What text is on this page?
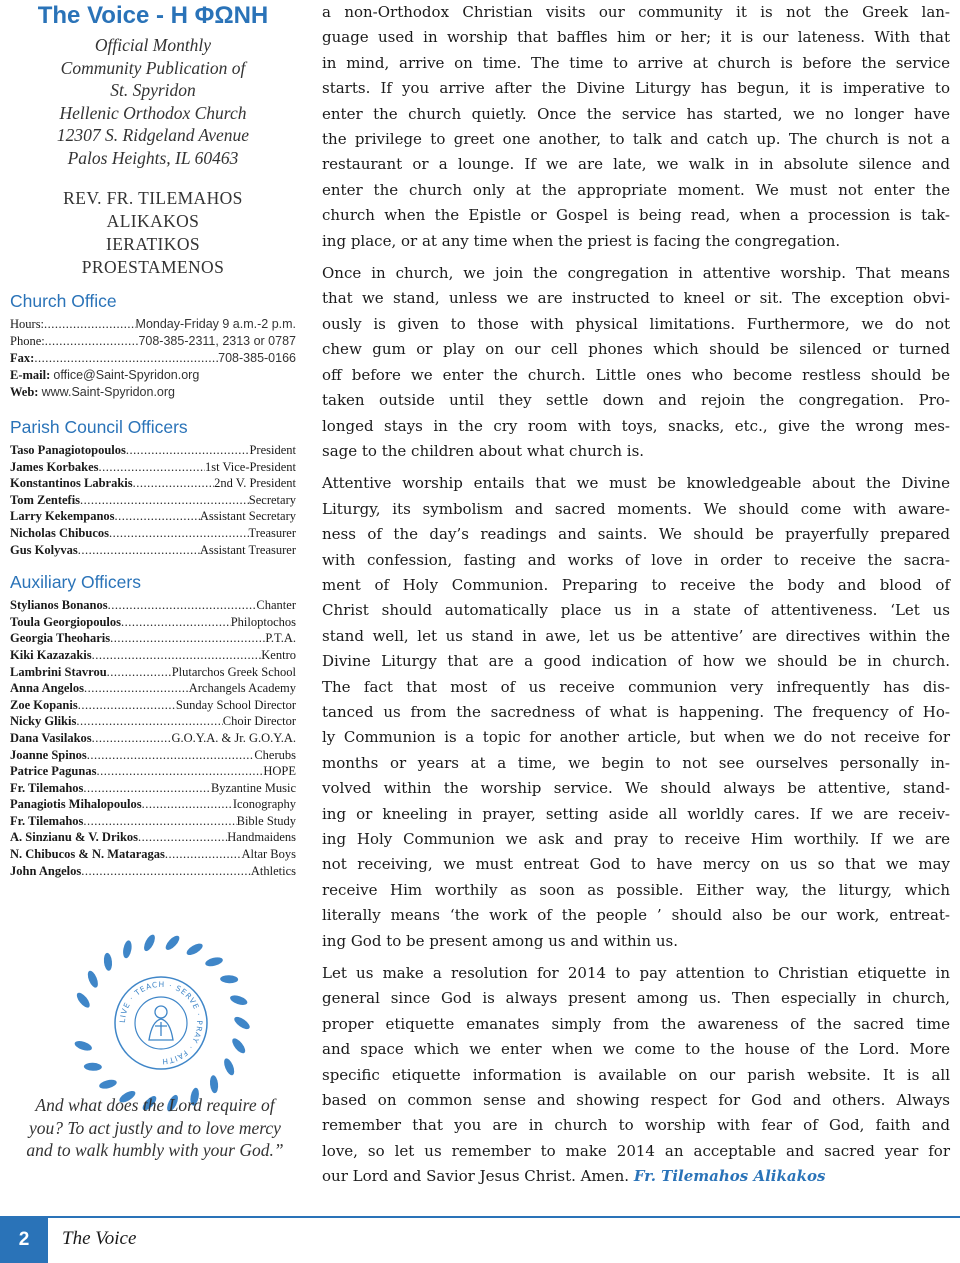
The Voice - Η ΦΩΝΗ
Official Monthly
Community Publication of
St. Spyridon
Hellenic Orthodox Church
12307 S. Ridgeland Avenue
Palos Heights, IL 60463
REV. FR. TILEMAHOS
ALIKAKOS
IERATIKOS
PROESTAMENOS
Church Office
Hours: .....	Monday-Friday 9 a.m.-2 p.m.
Phone: .....	708-385-2311, 2313 or 0787
Fax: .....	708-385-0166
E-mail:
office@Saint-Spyridon.org
Web:
www.Saint-Spyridon.org
Parish Council Officers
Taso Panagiotopoulos .....	President
James Korbakes .....	1st Vice-President
Konstantinos Labrakis .....	2nd V. President
Tom Zentefis .....	Secretary
Larry Kekempanos .....	Assistant Secretary
Nicholas Chibucos .....	Treasurer
Gus Kolyvas .....	Assistant Treasurer
Auxiliary Officers
Stylianos Bonanos .....	Chanter
Toula Georgiopoulos .....	Philoptochos
Georgia Theoharis .....	P.T.A.
Kiki Kazazakis .....	Kentro
Lambrini Stavrou .....	Plutarchos Greek School
Anna Angelos .....	Archangels Academy
Zoe Kopanis .....	Sunday School Director
Nicky Glikis .....	Choir Director
Dana Vasilakos .....	G.O.Y.A. & Jr. G.O.Y.A.
Joanne Spinos .....	Cherubs
Patrice Pagunas .....	HOPE
Fr. Tilemahos .....	Byzantine Music
Panagiotis Mihalopoulos .....	Iconography
Fr. Tilemahos .....	Bible Study
A. Sinzianu & V. Drikos .....	Handmaidens
N. Chibucos & N. Mataragas .....	Altar Boys
John Angelos .....	Athletics
LIVE · TEACH · SERVE · PRAY · FAITH
And what does the Lord require of
you? To act justly and to love mercy
and to walk humbly with your God.”

a non-Orthodox Christian visits our community it is not the Greek lan-
guage used in worship that baffles him or her; it is our lateness. With that
in mind, arrive on time. The time to arrive at church is before the service
starts. If you arrive after the Divine Liturgy has begun, it is imperative to
enter the church quietly. Once the service has started, we no longer have
the privilege to greet one another, to talk and catch up. The church is not a
restaurant or a lounge. If we are late, we walk in in absolute silence and
enter the church only at the appropriate moment. We must not enter the
church when the Epistle or Gospel is being read, when a procession is tak-
ing place, or at any time when the priest is facing the congregation.

Once in church, we join the congregation in attentive worship. That means
that we stand, unless we are instructed to kneel or sit. The exception obvi-
ously is given to those with physical limitations. Furthermore, we do not
chew gum or play on our cell phones which should be silenced or turned
off before we enter the church. Little ones who become restless should be
taken outside until they settle down and rejoin the congregation. Pro-
longed stays in the cry room with toys, snacks, etc., give the wrong mes-
sage to the children about what church is.

Attentive worship entails that we must be knowledgeable about the Divine
Liturgy, its symbolism and sacred moments. We should come with aware-
ness of the day’s readings and saints. We should be prayerfully prepared
with confession, fasting and works of love in order to receive the sacra-
ment of Holy Communion. Preparing to receive the body and blood of
Christ should automatically place us in a state of attentiveness. ‘Let us
stand well, let us stand in awe, let us be attentive’ are directives within the
Divine Liturgy that are a good indication of how we should be in church.
The fact that most of us receive communion very infrequently has dis-
tanced us from the sacredness of what is happening. The frequency of Ho-
ly Communion is a topic for another article, but when we do not receive for
months or years at a time, we begin to not see ourselves personally in-
volved within the worship service. We should always be attentive, stand-
ing or kneeling in prayer, setting aside all worldly cares. If we are receiv-
ing Holy Communion we ask and pray to receive Him worthily. If we are
not receiving, we must entreat God to have mercy on us so that we may
receive Him worthily as soon as possible. Either way, the liturgy, which
literally means ‘the work of the people ’ should also be our work, entreat-
ing God to be present among us and within us.

Let us make a resolution for 2014 to pay attention to Christian etiquette in
general since God is always present among us. Then especially in church,
proper etiquette emanates simply from the awareness of the sacred time
and space which we enter when we come to the house of the Lord. More
specific etiquette information is available on our parish website. It is all
based on common sense and showing respect for God and others. Always
remember that you are in church to worship with fear of God, faith and
love, so let us remember to make 2014 an acceptable and sacred year for
our Lord and Savior Jesus Christ. Amen. Fr. Tilemahos Alikakos

2	The Voice
